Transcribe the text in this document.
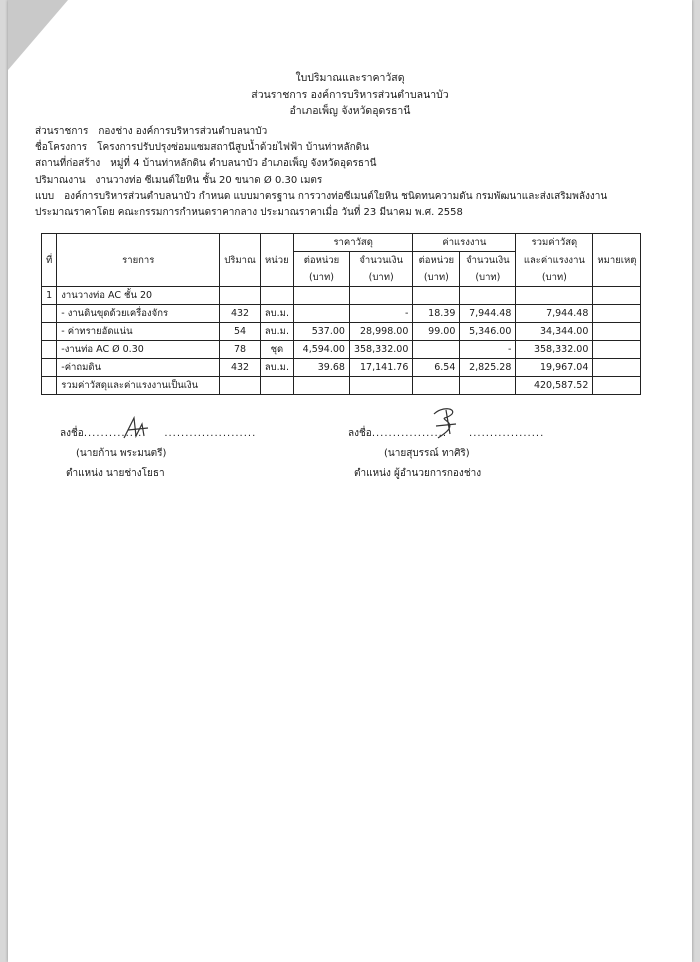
ใบปริมาณและราคาวัสดุ
ส่วนราชการ องค์การบริหารส่วนตำบลนาบัว
อำเภอเพ็ญ จังหวัดอุดรธานี
ส่วนราชการ กองช่าง องค์การบริหารส่วนตำบลนาบัว
ชื่อโครงการ โครงการปรับปรุงซ่อมแซมสถานีสูบน้ำด้วยไฟฟ้า บ้านท่าหลักดิน
สถานที่ก่อสร้าง หมู่ที่ 4 บ้านท่าหลักดิน ตำบลนาบัว อำเภอเพ็ญ จังหวัดอุดรธานี
ปริมาณงาน งานวางท่อ ซีเมนต์ใยหิน ชั้น 20 ขนาด Ø 0.30 เมตร
แบบ องค์การบริหารส่วนตำบลนาบัว กำหนด แบบมาตรฐาน การวางท่อซีเมนต์ใยหิน ชนิดทนความดัน กรมพัฒนาและส่งเสริมพลังงาน
ประมาณราคาโดย คณะกรรมการกำหนดราคากลาง ประมาณราคาเมื่อ วันที่ 23 มีนาคม พ.ศ. 2558
ที่	รายการ	ปริมาณ	หน่วย	ราคาวัสดุ		ค่าแรงงาน		รวมค่าวัสดุ	หมายเหตุ
				ต่อหน่วย	จำนวนเงิน	ต่อหน่วย	จำนวนเงิน	และค่าแรงงาน	
				(บาท)	(บาท)	(บาท)	(บาท)	(บาท)	
1	งานวางท่อ AC ชั้น 20								
	- งานดินขุดด้วยเครื่องจักร	432	ลบ.ม.		-	18.39	7,944.48	7,944.48	
	- ค่าทรายอัดแน่น	54	ลบ.ม.	537.00	28,998.00	99.00	5,346.00	34,344.00	
	-งานท่อ AC Ø 0.30	78	ชุด	4,594.00	358,332.00		-	358,332.00	
	-ค่าถมดิน	432	ลบ.ม.	39.68	17,141.76	6.54	2,825.28	19,967.04	
	รวมค่าวัสดุและค่าแรงงานเป็นเงิน							420,587.52	
ลงชื่อ.............. ......................
(นายก้าน พระมนตรี)
ตำแหน่ง นายช่างโยธา
ลงชื่อ.................. ..................
(นายสุบรรณ์ ทาศิริ)
ตำแหน่ง ผู้อำนวยการกองช่าง
